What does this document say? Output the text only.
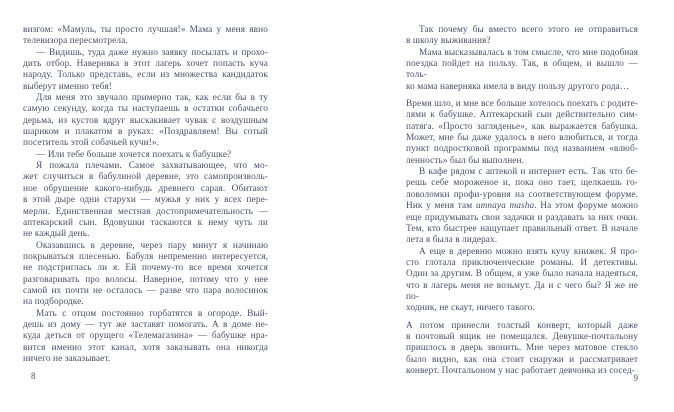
визгом: «Мамуль, ты просто лучшая!» Мама у меня явно
телевизора пересмотрела.
— Видишь, туда даже нужно заявку посылать и прохо-
дить отбор. Наверняка в этот лагерь хочет попасть куча
народу. Только представь, если из множества кандидаток
выберут именно тебя!
Для меня это звучало примерно так, как если бы в ту
самую секунду, когда ты наступаешь в остатки собачьего
дерьма, из кустов вдруг выскакивает чувак с воздушным
шариком и плакатом в руках: «Поздравляем! Вы сотый
посетитель этой собачьей кучи!».
— Или тебе больше хочется поехать к бабушке?
Я пожала плечами. Самое захватывающее, что мо-
жет случиться в бабулиной деревне, это самопроизволь-
ное обрушение какого-нибудь древнего сарая. Обитают
в этой дыре одни старухи — мужья у них у всех пере-
мерли. Единственная местная достопримечательность —
аптекарский сын. Вдовушки таскаются к нему чуть ли
не каждый день.
Оказавшись в деревне, через пару минут я начинаю
покрываться плесенью. Бабуля непременно интересуется,
не подстриглась ли я. Ей почему-то все время хочется
разговаривать про волосы. Наверное, потому что у нее
самой их почти не осталось — разве что пара волосинок
на подбородке.
Мать с отцом постоянно горбатятся в огороде. Вый-
дешь из дому — тут же заставят помогать. А в доме не-
куда деться от орущего «Телемагазина» — бабушке нра-
вится именно этот канал, хотя заказывать она никогда
ничего не заказывает.
Так почему бы вместо всего этого не отправиться
в школу выживания?
Мама высказывалась в том смысле, что мне подобная
поездка пойдет на пользу. Так, в общем, и вышло — толь-
ко мама наверняка имела в виду пользу другого рода…
Время шло, и мне все больше хотелось поехать с родите-
лями к бабушке. Аптекарский сын действительно сим-
патяга. «Просто загляденье», как выражается бабушка.
Может, мне бы даже удалось в него влюбиться, и тогда
пункт подростковой программы под названием «влюб-
ленность» был бы выполнен.
В кафе рядом с аптекой и интернет есть. Так что бе-
решь себе мороженое и, пока оно тает, щелкаешь го-
ловоломки профи-уровня на соответствующем форуме.
Ник у меня там umnaya masha. На этом форуме можно
еще придумывать свои задачки и раздавать за них очки.
Тем, кто быстрее нащупает правильный ответ. В начале
лета я была в лидерах.
А еще в деревню можно взять кучу книжек. Я про-
сто глотала приключенческие романы. И детективы.
Один за другим. В общем, я уже было начала надеяться,
что в лагерь меня не возьмут. Да и с чего бы? Я же не по-
ходник, не скаут, ничего такого.
А потом принесли толстый конверт, который даже
в почтовый ящик не помещался. Девушке-почтальону
пришлось в дверь звонить. Мне через матовое стекло
было видно, как она стоит снаружи и рассматривает
конверт. Почтальоном у нас работает девчонка из сосед-
8	9
